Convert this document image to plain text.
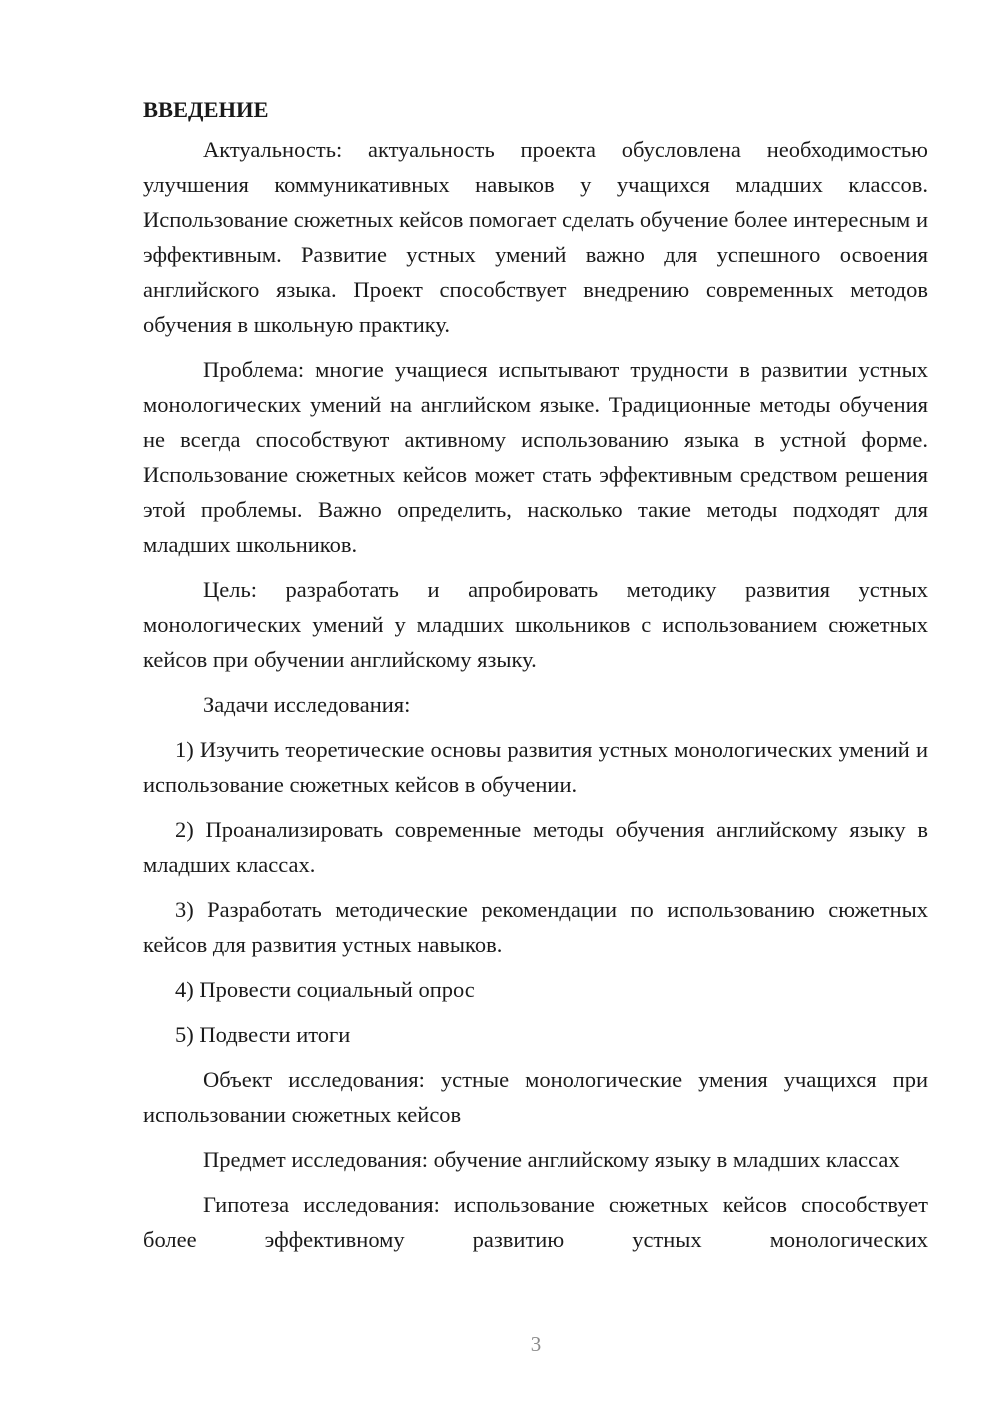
ВВЕДЕНИЕ

Актуальность: актуальность проекта обусловлена необходимостью улучшения коммуникативных навыков у учащихся младших классов. Использование сюжетных кейсов помогает сделать обучение более интересным и эффективным. Развитие устных умений важно для успешного освоения английского языка. Проект способствует внедрению современных методов обучения в школьную практику.

Проблема: многие учащиеся испытывают трудности в развитии устных монологических умений на английском языке. Традиционные методы обучения не всегда способствуют активному использованию языка в устной форме. Использование сюжетных кейсов может стать эффективным средством решения этой проблемы. Важно определить, насколько такие методы подходят для младших школьников.

Цель: разработать и апробировать методику развития устных монологических умений у младших школьников с использованием сюжетных кейсов при обучении английскому языку.

Задачи исследования:

1) Изучить теоретические основы развития устных монологических умений и использование сюжетных кейсов в обучении.

2) Проанализировать современные методы обучения английскому языку в младших классах.

3) Разработать методические рекомендации по использованию сюжетных кейсов для развития устных навыков.

4) Провести социальный опрос

5) Подвести итоги

Объект исследования: устные монологические умения учащихся при использовании сюжетных кейсов

Предмет исследования: обучение английскому языку в младших классах

Гипотеза исследования: использование сюжетных кейсов способствует более эффективному развитию устных монологических

3
